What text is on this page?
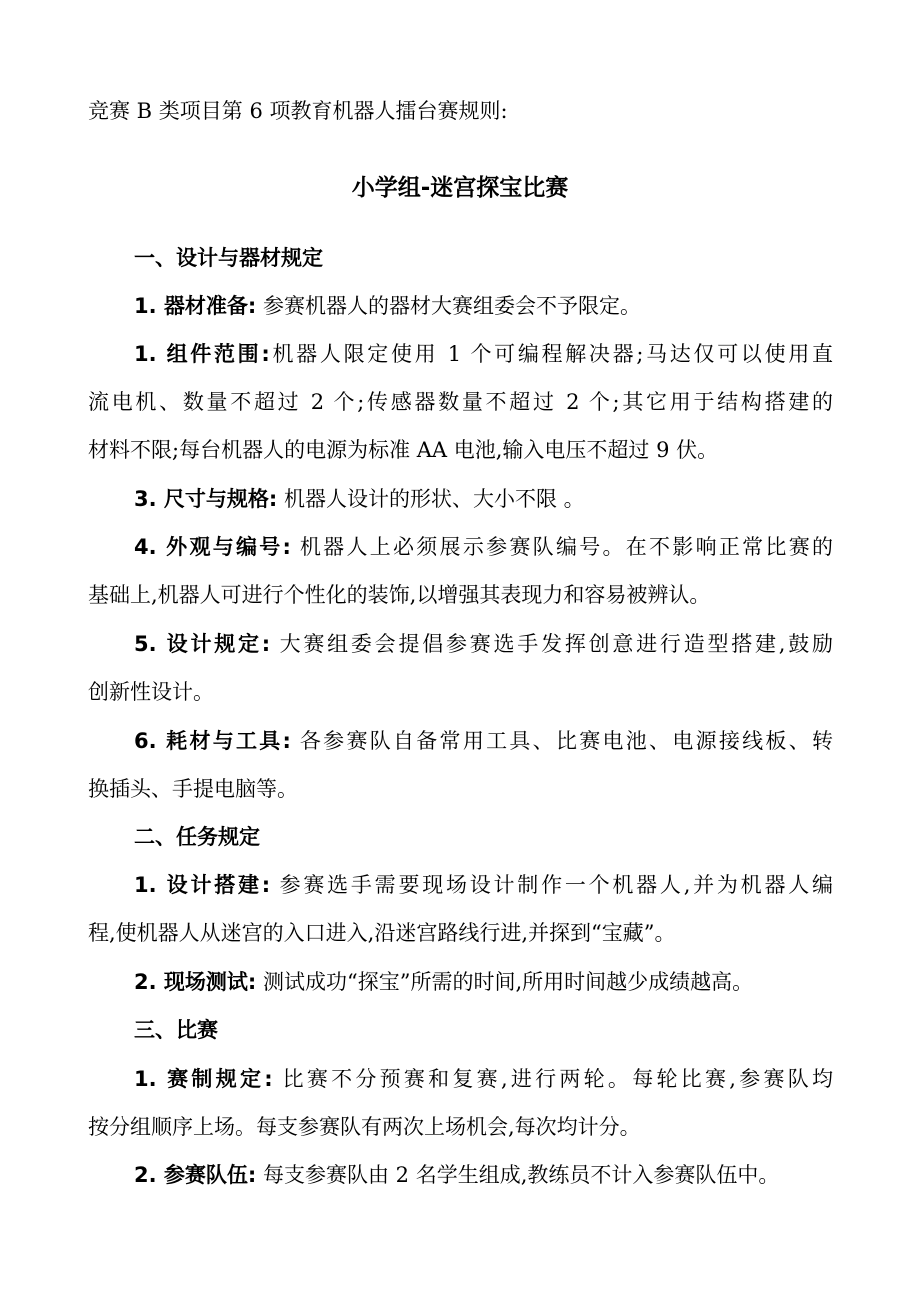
竞赛 B 类项目第 6 项教育机器人擂台赛规则:
小学组-迷宫探宝比赛
一、设计与器材规定
1. 器材准备: 参赛机器人的器材大赛组委会不予限定。
1. 组件范围:机器人限定使用 1 个可编程解决器;马达仅可以使用直
流电机、数量不超过 2 个;传感器数量不超过 2 个;其它用于结构搭建的
材料不限;每台机器人的电源为标准 AA 电池,输入电压不超过 9 伏。
3. 尺寸与规格: 机器人设计的形状、大小不限 。
4. 外观与编号: 机器人上必须展示参赛队编号。在不影响正常比赛的
基础上,机器人可进行个性化的装饰,以增强其表现力和容易被辨认。
5. 设计规定: 大赛组委会提倡参赛选手发挥创意进行造型搭建,鼓励
创新性设计。
6. 耗材与工具: 各参赛队自备常用工具、比赛电池、电源接线板、转
换插头、手提电脑等。
二、任务规定
1. 设计搭建: 参赛选手需要现场设计制作一个机器人,并为机器人编
程,使机器人从迷宫的入口进入,沿迷宫路线行进,并探到“宝藏”。
2. 现场测试: 测试成功“探宝”所需的时间,所用时间越少成绩越高。
三、比赛
1. 赛制规定: 比赛不分预赛和复赛,进行两轮。每轮比赛,参赛队均
按分组顺序上场。每支参赛队有两次上场机会,每次均计分。
2. 参赛队伍: 每支参赛队由 2 名学生组成,教练员不计入参赛队伍中。
